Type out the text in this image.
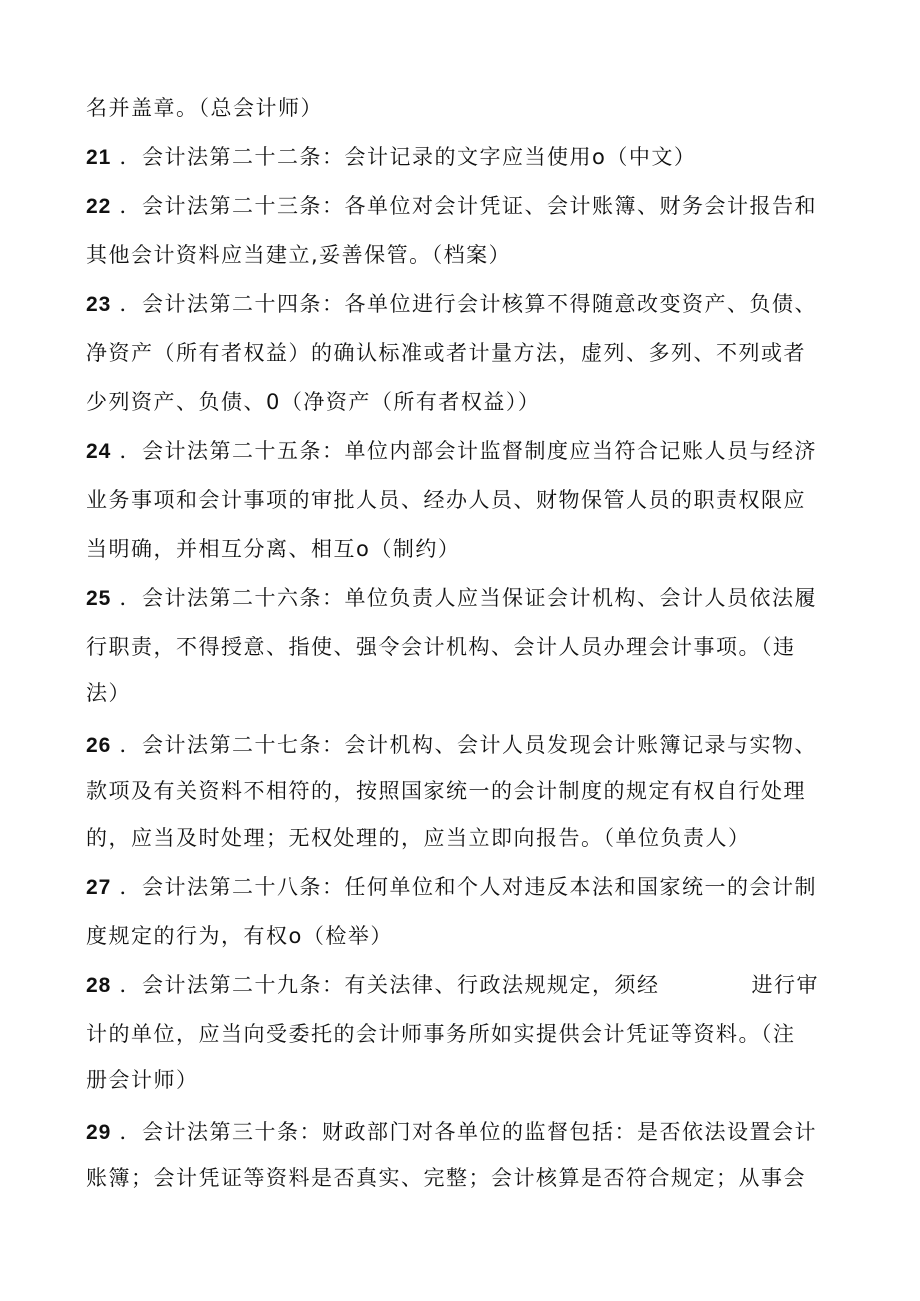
名并盖章。（总会计师）
21 ．会计法第二十二条：会计记录的文字应当使用o（中文）
22 ．会计法第二十三条：各单位对会计凭证、会计账簿、财务会计报告和
其他会计资料应当建立,妥善保管。（档案）
23 ．会计法第二十四条：各单位进行会计核算不得随意改变资产、负债、
净资产（所有者权益）的确认标准或者计量方法，虚列、多列、不列或者
少列资产、负债、0（净资产（所有者权益））
24 ．会计法第二十五条：单位内部会计监督制度应当符合记账人员与经济
业务事项和会计事项的审批人员、经办人员、财物保管人员的职责权限应
当明确，并相互分离、相互o（制约）
25 ．会计法第二十六条：单位负责人应当保证会计机构、会计人员依法履
行职责，不得授意、指使、强令会计机构、会计人员办理会计事项。（违
法）
26 ．会计法第二十七条：会计机构、会计人员发现会计账簿记录与实物、
款项及有关资料不相符的，按照国家统一的会计制度的规定有权自行处理
的，应当及时处理；无权处理的，应当立即向报告。（单位负责人）
27 ．会计法第二十八条：任何单位和个人对违反本法和国家统一的会计制
度规定的行为，有权o（检举）
28 ．会计法第二十九条：有关法律、行政法规规定，须经	进行审
计的单位，应当向受委托的会计师事务所如实提供会计凭证等资料。（注
册会计师）
29 ．会计法第三十条：财政部门对各单位的监督包括：是否依法设置会计
账簿；会计凭证等资料是否真实、完整；会计核算是否符合规定；从事会
